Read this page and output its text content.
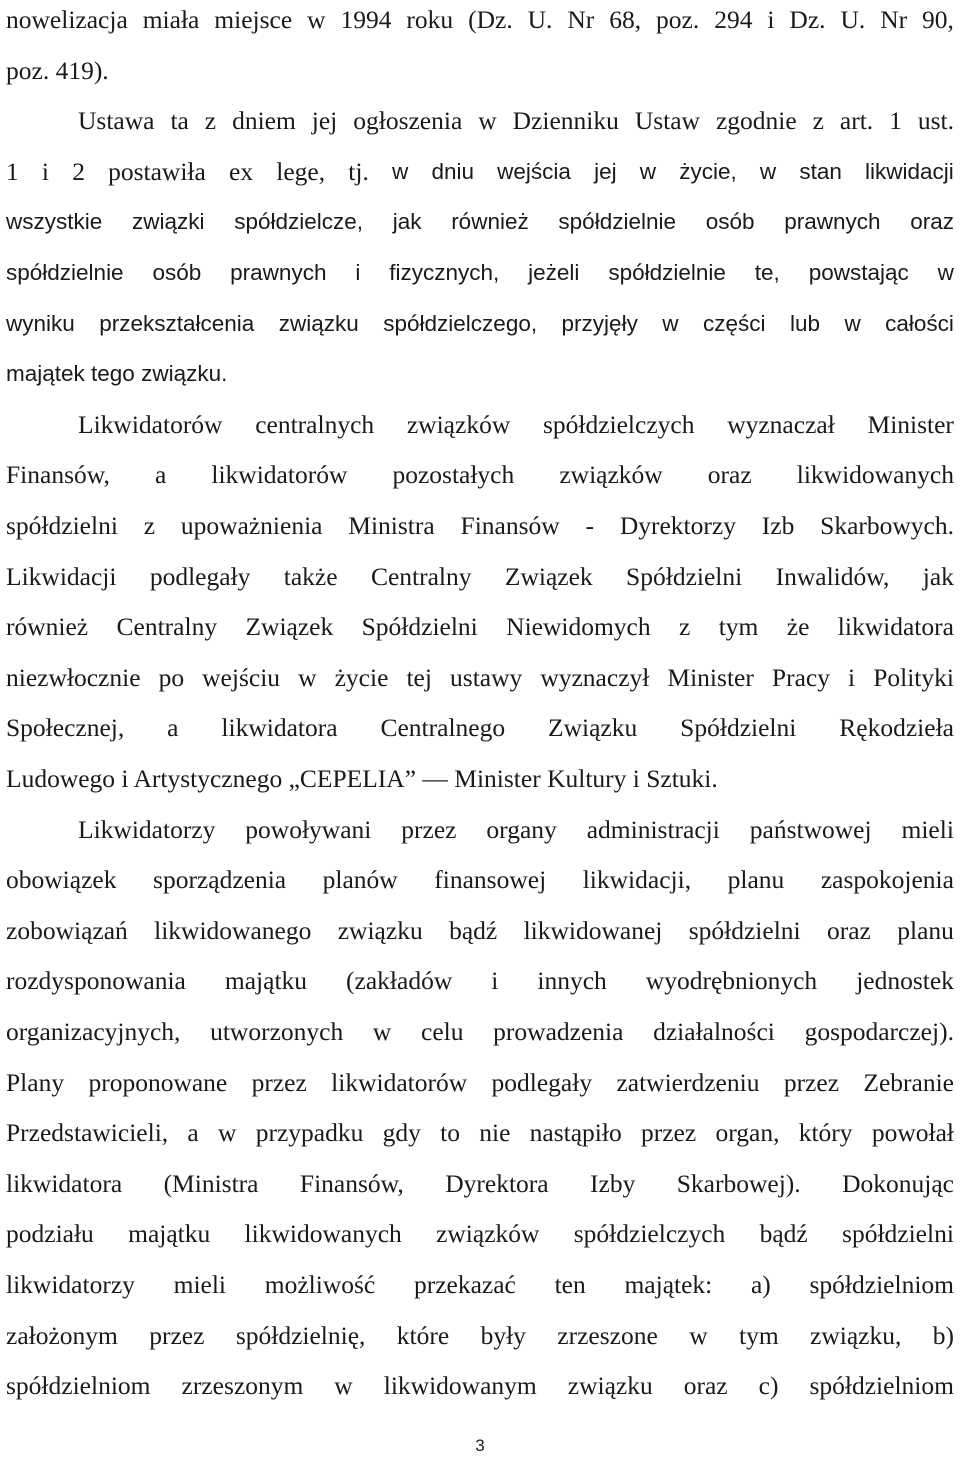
nowelizacja miała miejsce w 1994 roku (Dz. U. Nr 68, poz. 294 i Dz. U. Nr 90,
poz. 419).
Ustawa ta z dniem jej ogłoszenia w Dzienniku Ustaw zgodnie z art. 1 ust.
1 i 2 postawiła ex lege, tj. w dniu wejścia jej w życie, w stan likwidacji
wszystkie związki spółdzielcze, jak również spółdzielnie osób prawnych oraz
spółdzielnie osób prawnych i fizycznych, jeżeli spółdzielnie te, powstając w
wyniku przekształcenia związku spółdzielczego, przyjęły w części lub w całości
majątek tego związku.
Likwidatorów centralnych związków spółdzielczych wyznaczał Minister
Finansów, a likwidatorów pozostałych związków oraz likwidowanych
spółdzielni z upoważnienia Ministra Finansów - Dyrektorzy Izb Skarbowych.
Likwidacji podlegały także Centralny Związek Spółdzielni Inwalidów, jak
również Centralny Związek Spółdzielni Niewidomych z tym że likwidatora
niezwłocznie po wejściu w życie tej ustawy wyznaczył Minister Pracy i Polityki
Społecznej, a likwidatora Centralnego Związku Spółdzielni Rękodzieła
Ludowego i Artystycznego „CEPELIA” — Minister Kultury i Sztuki.
Likwidatorzy powoływani przez organy administracji państwowej mieli
obowiązek sporządzenia planów finansowej likwidacji, planu zaspokojenia
zobowiązań likwidowanego związku bądź likwidowanej spółdzielni oraz planu
rozdysponowania majątku (zakładów i innych wyodrębnionych jednostek
organizacyjnych, utworzonych w celu prowadzenia działalności gospodarczej).
Plany proponowane przez likwidatorów podlegały zatwierdzeniu przez Zebranie
Przedstawicieli, a w przypadku gdy to nie nastąpiło przez organ, który powołał
likwidatora (Ministra Finansów, Dyrektora Izby Skarbowej). Dokonując
podziału majątku likwidowanych związków spółdzielczych bądź spółdzielni
likwidatorzy mieli możliwość przekazać ten majątek: a) spółdzielniom
założonym przez spółdzielnię, które były zrzeszone w tym związku, b)
spółdzielniom zrzeszonym w likwidowanym związku oraz c) spółdzielniom
3
